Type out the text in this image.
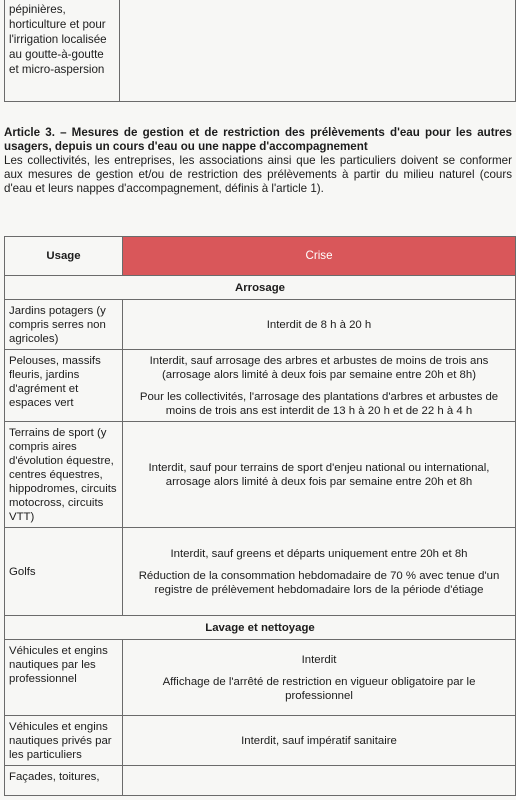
pépinières, horticulture et pour l'irrigation localisée au goutte-à-goutte et micro-aspersion	
Article 3. – Mesures de gestion et de restriction des prélèvements d'eau pour les autres usagers, depuis un cours d'eau ou une nappe d'accompagnement

Les collectivités, les entreprises, les associations ainsi que les particuliers doivent se conformer aux mesures de gestion et/ou de restriction des prélèvements à partir du milieu naturel (cours d'eau et leurs nappes d'accompagnement, définis à l'article 1).

Usage	Crise
Arrosage	
Jardins potagers (y compris serres non agricoles)	Interdit de 8 h à 20 h

Pelouses, massifs fleuris, jardins d'agrément et espaces vert	Interdit, sauf arrosage des arbres et arbustes de moins de trois ans (arrosage alors limité à deux fois par semaine entre 20h et 8h)

Pour les collectivités, l'arrosage des plantations d'arbres et arbustes de moins de trois ans est interdit de 13 h à 20 h et de 22 h à 4 h

Terrains de sport (y compris aires d'évolution équestre, centres équestres, hippodromes, circuits motocross, circuits VTT)	Interdit, sauf pour terrains de sport d'enjeu national ou international, arrosage alors limité à deux fois par semaine entre 20h et 8h

Golfs	Interdit, sauf greens et départs uniquement entre 20h et 8h

Réduction de la consommation hebdomadaire de 70 % avec tenue d'un registre de prélèvement hebdomadaire lors de la période d'étiage

Lavage et nettoyage	
Véhicules et engins nautiques par les professionnel	Interdit

Affichage de l'arrêté de restriction en vigueur obligatoire par le professionnel

Véhicules et engins nautiques privés par les particuliers	Interdit, sauf impératif sanitaire

Façades, toitures,	
